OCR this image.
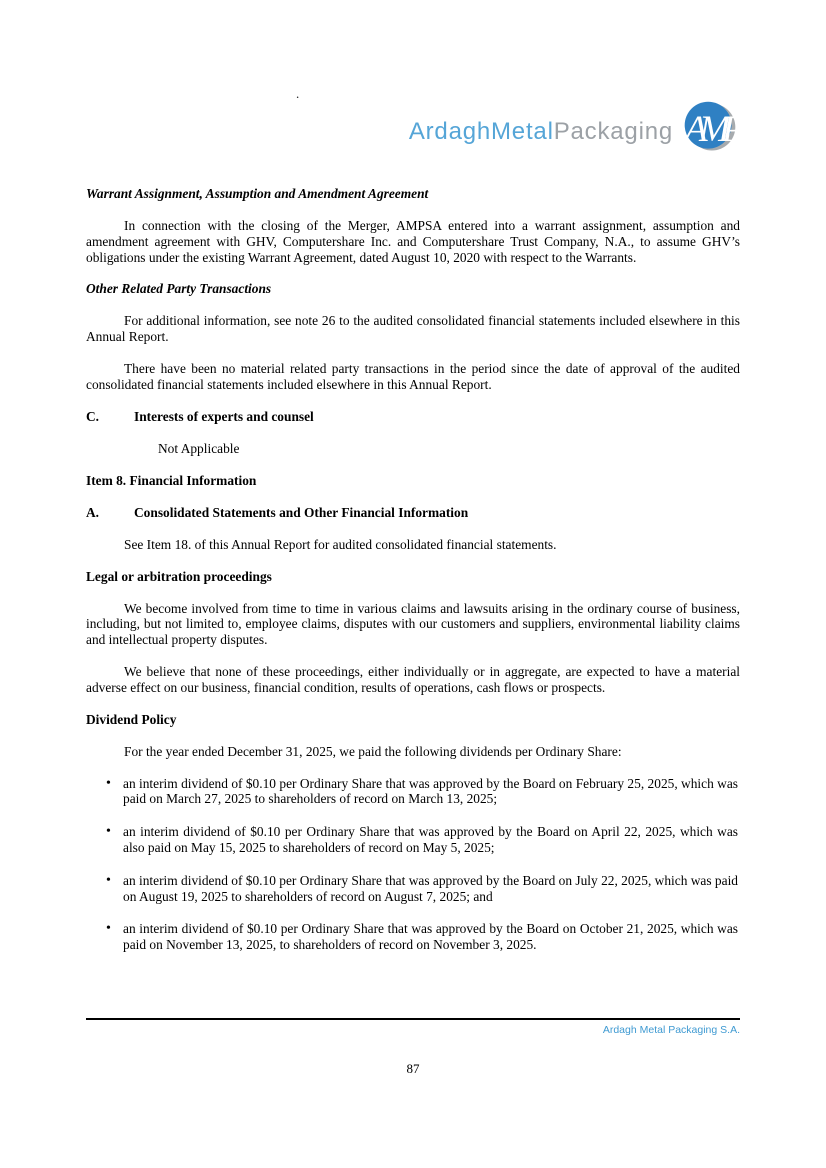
.
ArdaghMetalPackaging AMP
Warrant Assignment, Assumption and Amendment Agreement

In connection with the closing of the Merger, AMPSA entered into a warrant assignment, assumption and amendment agreement with GHV, Computershare Inc. and Computershare Trust Company, N.A., to assume GHV’s obligations under the existing Warrant Agreement, dated August 10, 2020 with respect to the Warrants.

Other Related Party Transactions

For additional information, see note 26 to the audited consolidated financial statements included elsewhere in this Annual Report.

There have been no material related party transactions in the period since the date of approval of the audited consolidated financial statements included elsewhere in this Annual Report.

C.	Interests of experts and counsel

Not Applicable

Item 8. Financial Information
A.	Consolidated Statements and Other Financial Information

See Item 18. of this Annual Report for audited consolidated financial statements.

Legal or arbitration proceedings

We become involved from time to time in various claims and lawsuits arising in the ordinary course of business, including, but not limited to, employee claims, disputes with our customers and suppliers, environmental liability claims and intellectual property disputes.

We believe that none of these proceedings, either individually or in aggregate, are expected to have a material adverse effect on our business, financial condition, results of operations, cash flows or prospects.

Dividend Policy

For the year ended December 31, 2025, we paid the following dividends per Ordinary Share:

• an interim dividend of $0.10 per Ordinary Share that was approved by the Board on February 25, 2025, which was paid on March 27, 2025 to shareholders of record on March 13, 2025;
• an interim dividend of $0.10 per Ordinary Share that was approved by the Board on April 22, 2025, which was also paid on May 15, 2025 to shareholders of record on May 5, 2025;
• an interim dividend of $0.10 per Ordinary Share that was approved by the Board on July 22, 2025, which was paid on August 19, 2025 to shareholders of record on August 7, 2025; and
• an interim dividend of $0.10 per Ordinary Share that was approved by the Board on October 21, 2025, which was paid on November 13, 2025, to shareholders of record on November 3, 2025.
Ardagh Metal Packaging S.A.
87
